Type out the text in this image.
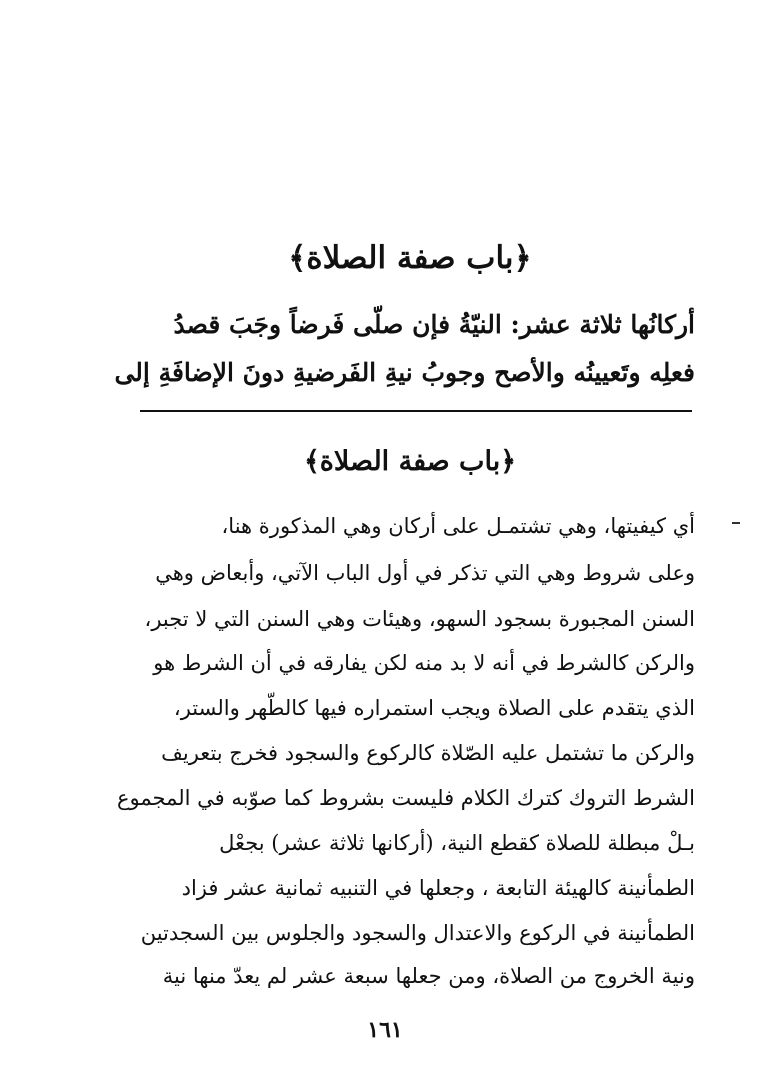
﴿باب صفة الصلاة﴾
أركانُها ثلاثة عشر: النيّةُ فإن صلّى فَرضاً وجَبَ قصدُ
فعلِه وتَعيينُه والأصح وجوبُ نيةِ الفَرضيةِ دونَ الإضافَةِ إلى
﴿باب صفة الصلاة﴾
أي كيفيتها، وهي تشتمـل على أركان وهي المذكورة هنا،
وعلى شروط وهي التي تذكر في أول الباب الآتي، وأبعاض وهي
السنن المجبورة بسجود السهو، وهيئات وهي السنن التي لا تجبر،
والركن كالشرط في أنه لا بد منه لكن يفارقه في أن الشرط هو
الذي يتقدم على الصلاة ويجب استمراره فيها كالطّهر والستر،
والركن ما تشتمل عليه الصّلاة كالركوع والسجود فخرج بتعريف
الشرط التروك كترك الكلام فليست بشروط كما صوّبه في المجموع
بـلْ مبطلة للصلاة كقطع النية، (أركانها ثلاثة عشر) بجعْل
الطمأنينة كالهيئة التابعة ، وجعلها في التنبيه ثمانية عشر فزاد
الطمأنينة في الركوع والاعتدال والسجود والجلوس بين السجدتين
ونية الخروج من الصلاة، ومن جعلها سبعة عشر لم يعدّ منها نية
١٦١
